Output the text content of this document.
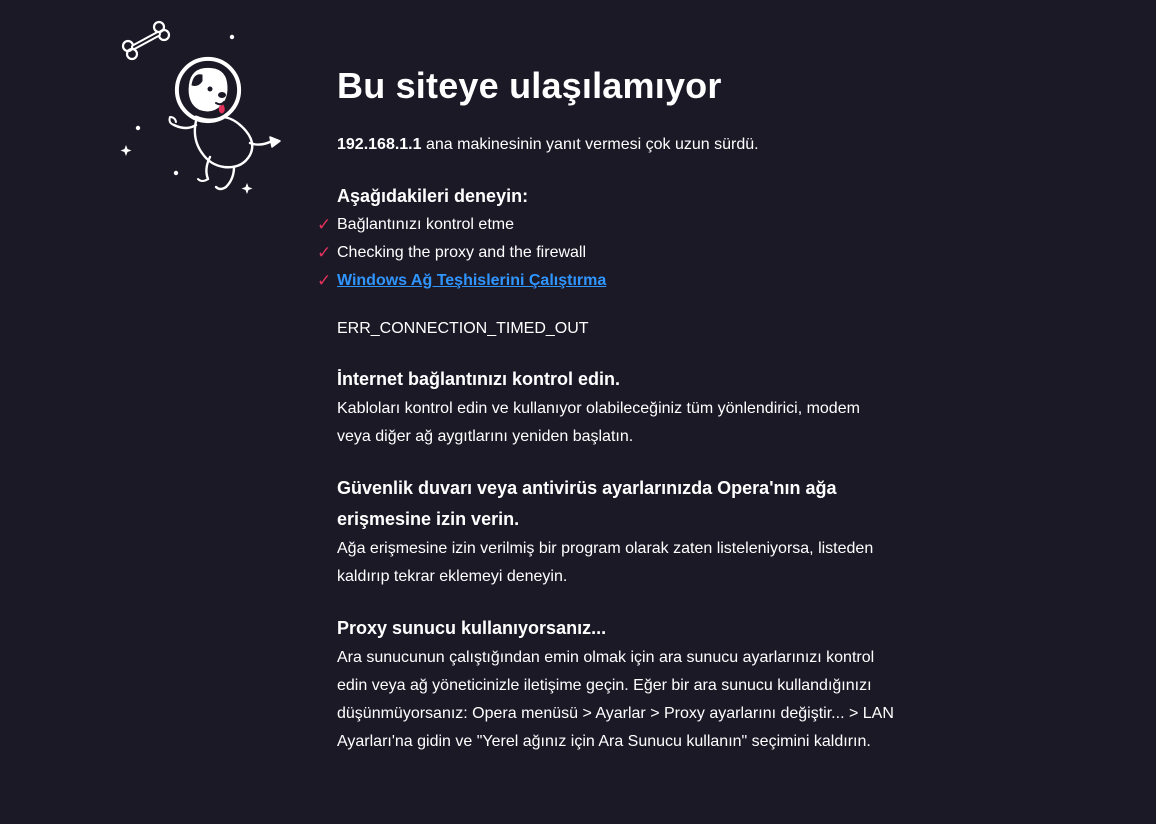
Bu siteye ulaşılamıyor

192.168.1.1 ana makinesinin yanıt vermesi çok uzun sürdü.

Aşağıdakileri deneyin:
✓ Bağlantınızı kontrol etme
✓ Checking the proxy and the firewall
✓ Windows Ağ Teşhislerini Çalıştırma
ERR_CONNECTION_TIMED_OUT
İnternet bağlantınızı kontrol edin.

Kabloları kontrol edin ve kullanıyor olabileceğiniz tüm yönlendirici, modem veya diğer ağ aygıtlarını yeniden başlatın.

Güvenlik duvarı veya antivirüs ayarlarınızda Opera'nın ağa erişmesine izin verin.

Ağa erişmesine izin verilmiş bir program olarak zaten listeleniyorsa, listeden kaldırıp tekrar eklemeyi deneyin.

Proxy sunucu kullanıyorsanız...

Ara sunucunun çalıştığından emin olmak için ara sunucu ayarlarınızı kontrol edin veya ağ yöneticinizle iletişime geçin. Eğer bir ara sunucu kullandığınızı düşünmüyorsanız: Opera menüsü > Ayarlar > Proxy ayarlarını değiştir... > LAN Ayarları'na gidin ve "Yerel ağınız için Ara Sunucu kullanın" seçimini kaldırın.
